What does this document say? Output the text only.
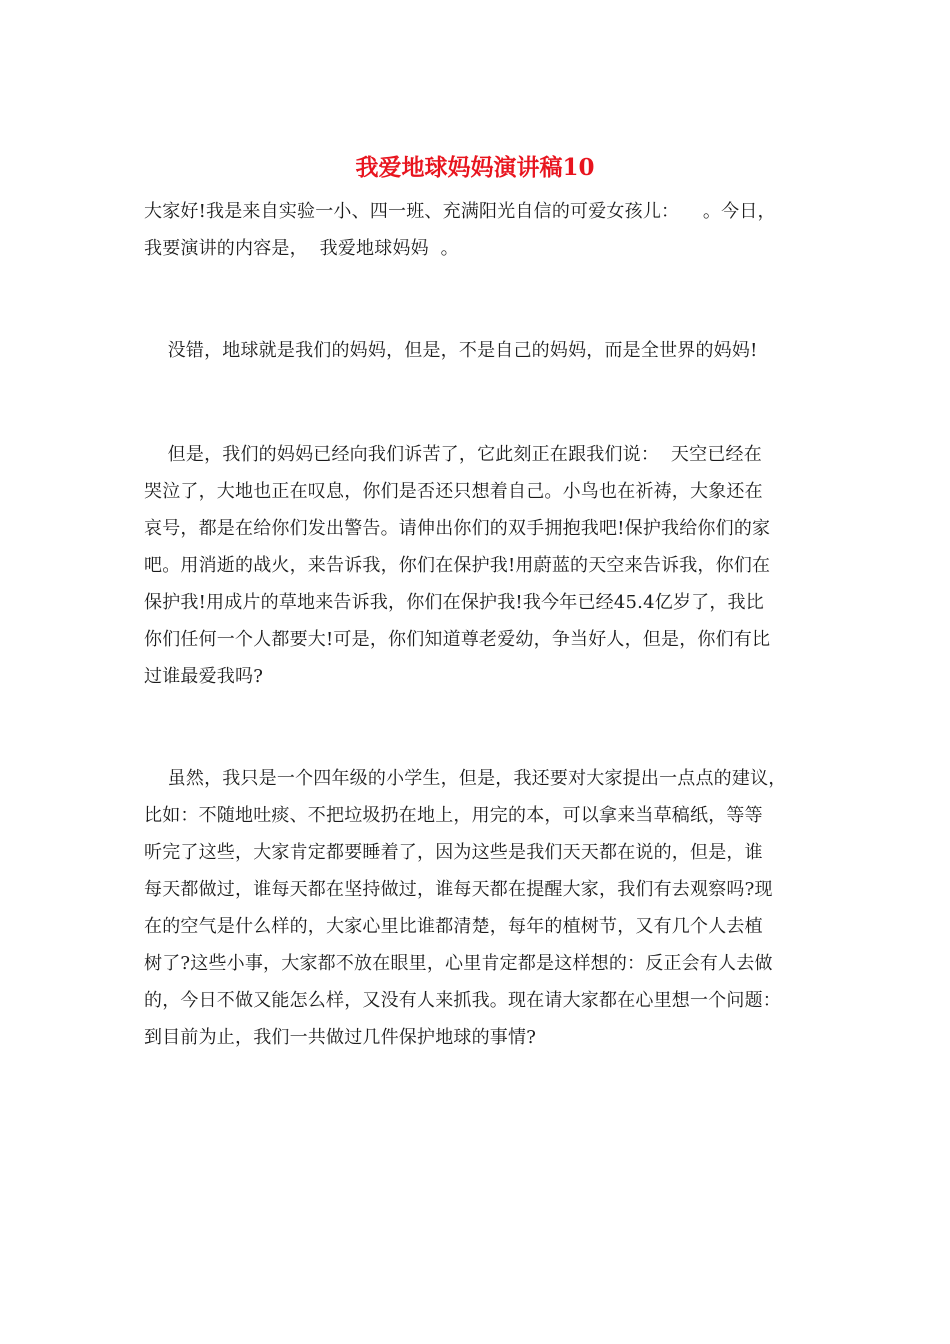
我爱地球妈妈演讲稿10
大家好!我是来自实验一小、四一班、充满阳光自信的可爱女孩儿：    。今日，
我要演讲的内容是，  我爱地球妈妈  。
没错，地球就是我们的妈妈，但是，不是自己的妈妈，而是全世界的妈妈!
但是，我们的妈妈已经向我们诉苦了，它此刻正在跟我们说：  天空已经在
哭泣了，大地也正在叹息，你们是否还只想着自己。小鸟也在祈祷，大象还在
哀号，都是在给你们发出警告。请伸出你们的双手拥抱我吧!保护我给你们的家
吧。用消逝的战火，来告诉我，你们在保护我!用蔚蓝的天空来告诉我，你们在
保护我!用成片的草地来告诉我，你们在保护我!我今年已经45.4亿岁了，我比
你们任何一个人都要大!可是，你们知道尊老爱幼，争当好人，但是，你们有比
过谁最爱我吗?
虽然，我只是一个四年级的小学生，但是，我还要对大家提出一点点的建议，
比如：不随地吐痰、不把垃圾扔在地上，用完的本，可以拿来当草稿纸，等等
听完了这些，大家肯定都要睡着了，因为这些是我们天天都在说的，但是，谁
每天都做过，谁每天都在坚持做过，谁每天都在提醒大家，我们有去观察吗?现
在的空气是什么样的，大家心里比谁都清楚，每年的植树节，又有几个人去植
树了?这些小事，大家都不放在眼里，心里肯定都是这样想的：反正会有人去做
的，今日不做又能怎么样，又没有人来抓我。现在请大家都在心里想一个问题：
到目前为止，我们一共做过几件保护地球的事情?
